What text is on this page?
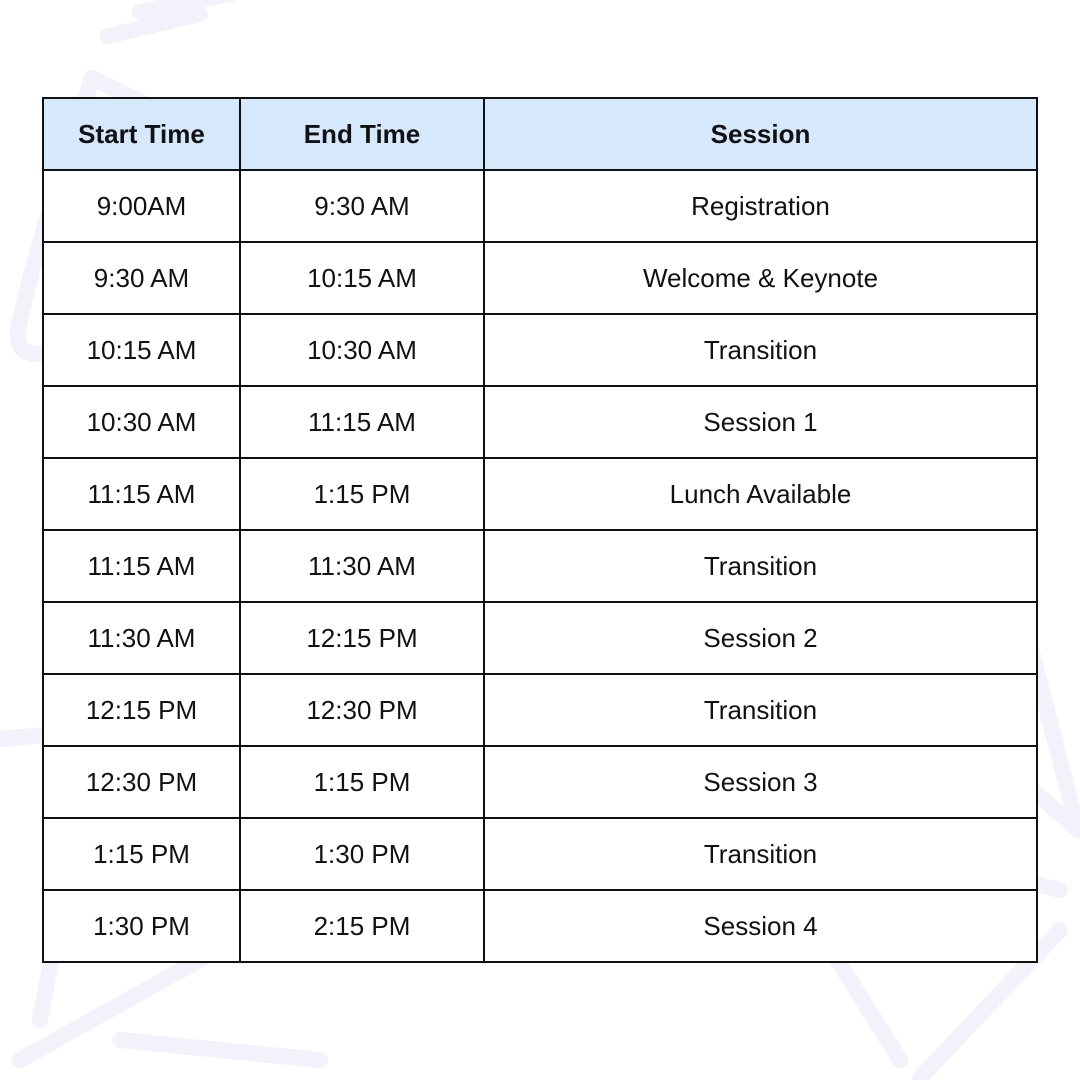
Start Time	End Time	Session
9:00AM	9:30 AM	Registration
9:30 AM	10:15 AM	Welcome & Keynote
10:15 AM	10:30 AM	Transition
10:30 AM	11:15 AM	Session 1
11:15 AM	1:15 PM	Lunch Available
11:15 AM	11:30 AM	Transition
11:30 AM	12:15 PM	Session 2
12:15 PM	12:30 PM	Transition
12:30 PM	1:15 PM	Session 3
1:15 PM	1:30 PM	Transition
1:30 PM	2:15 PM	Session 4
